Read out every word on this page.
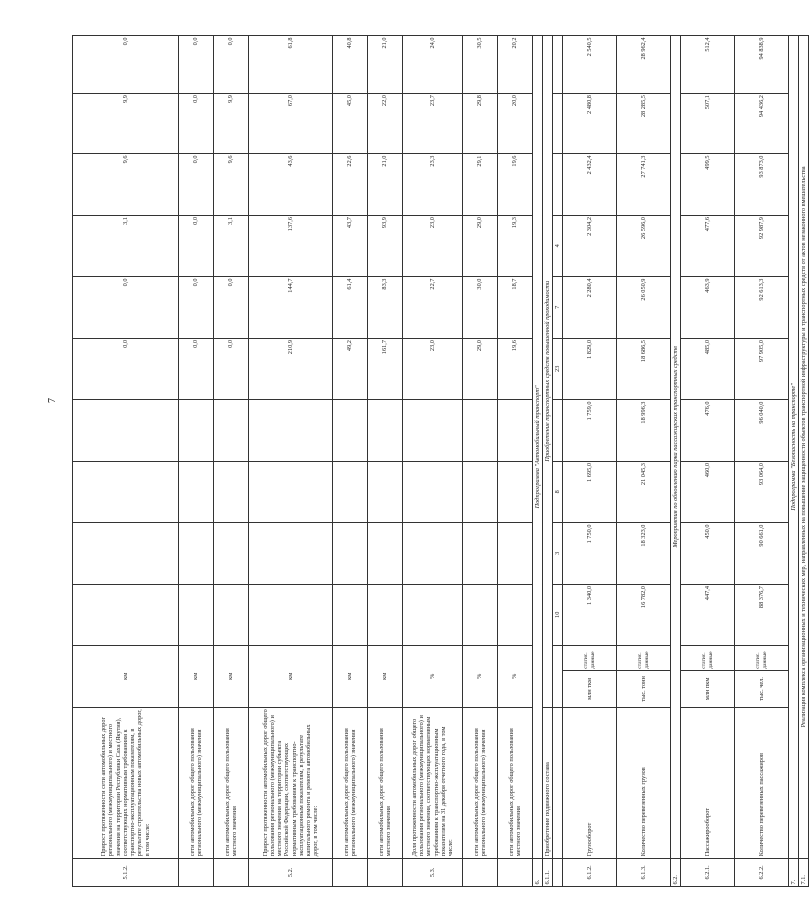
7
5.1.2.	Прирост протяженности сети автомобильных дорог регионального (межмуниципального) и местного значения на территории Республики Саха (Якутия), соответствующих нормативным требованиям к транспортно-эксплуатационным показателям, в результате строительства новых автомобильных дорог, в том числе:	км						0,0	0,0	3,1	9,6	9,9	0,0
	сети автомобильных дорог общего пользования регионального (межмуниципального) значения	км						0,0	0,0	0,0	0,0	0,0	0,0
	сети автомобильных дорог общего пользования местного значения	км						0,0	0,0	3,1	9,6	9,9	0,0
5.2.	Прирост протяженности автомобильных дорог общего пользования регионального (межмуниципального) и местного значения на территории субъекта Российской Федерации, соответствующих нормативным требованиям к транспортно-эксплуатационным показателям, в результате капитального ремонта и ремонта автомобильных дорог, в том числе:	км						210,9	144,7	137,6	43,6	67,0	61,8
	сети автомобильных дорог общего пользования регионального (межмуниципального) значения	км						49,2	61,4	43,7	22,6	45,0	40,8
	сети автомобильных дорог общего пользования местного значения	км						161,7	83,3	93,9	21,0	22,0	21,0
5.3.	Доля протяженности автомобильных дорог общего пользования регионального (межмуниципального) и местного значения, соответствующих нормативным требованиям к транспортно-эксплуатационным показателям на 31 декабря отчетного года, в том числе:	%						23,0	22,7	23,0	23,3	23,7	24,0
	сети автомобильных дорог общего пользования регионального (межмуниципального) значения	%						29,0	30,0	29,0	29,1	29,8	30,5
	сети автомобильных дорог общего пользования местного значения	%						19,6	18,7	19,3	19,6	20,0	20,2
6.	Подпрограмма "Автомобильный транспорт"												
6.1.1.	Приобретение подвижного состава	Приобретение транспортных средств повышенной проходимости											
				10	3	8		23	7	4			
6.1.2.	Грузооборот	млн ткм	статис. данные	1 340,0	1 750,0	1 695,0	1 759,0	1 829,0	2 280,4	2 304,2	2 432,4	2 480,8	2 540,5
6.1.3.	Количество перевезенных грузов	тыс. тонн	статис. данные	16 782,0	18 323,0	21 045,3	18 996,3	18 686,5	26 050,9	26 596,0	27 741,3	28 285,5	28 962,4
6.2.	Мероприятия по обновлению парка пассажирских транспортных средств												
6.2.1.	Пассажирооборот	млн пкм	статис. данные	447,4	450,0	460,0	476,0	485,0	463,9	477,6	499,5	507,1	512,4
6.2.2.	Количество перевезенных пассажиров	тыс. чел.	статис. данные	88 376,7	90 661,0	93 064,0	96 040,0	97 905,0	92 613,3	92 987,9	93 873,0	94 436,2	94 838,9
7.	Подпрограмма "Безопасность на транспорте"												
7.1.	Реализация комплекса организационных и технических мер, направленных на повышение защищенности объектов транспортной инфраструктуры и транспортных средств от актов незаконного вмешательства												
